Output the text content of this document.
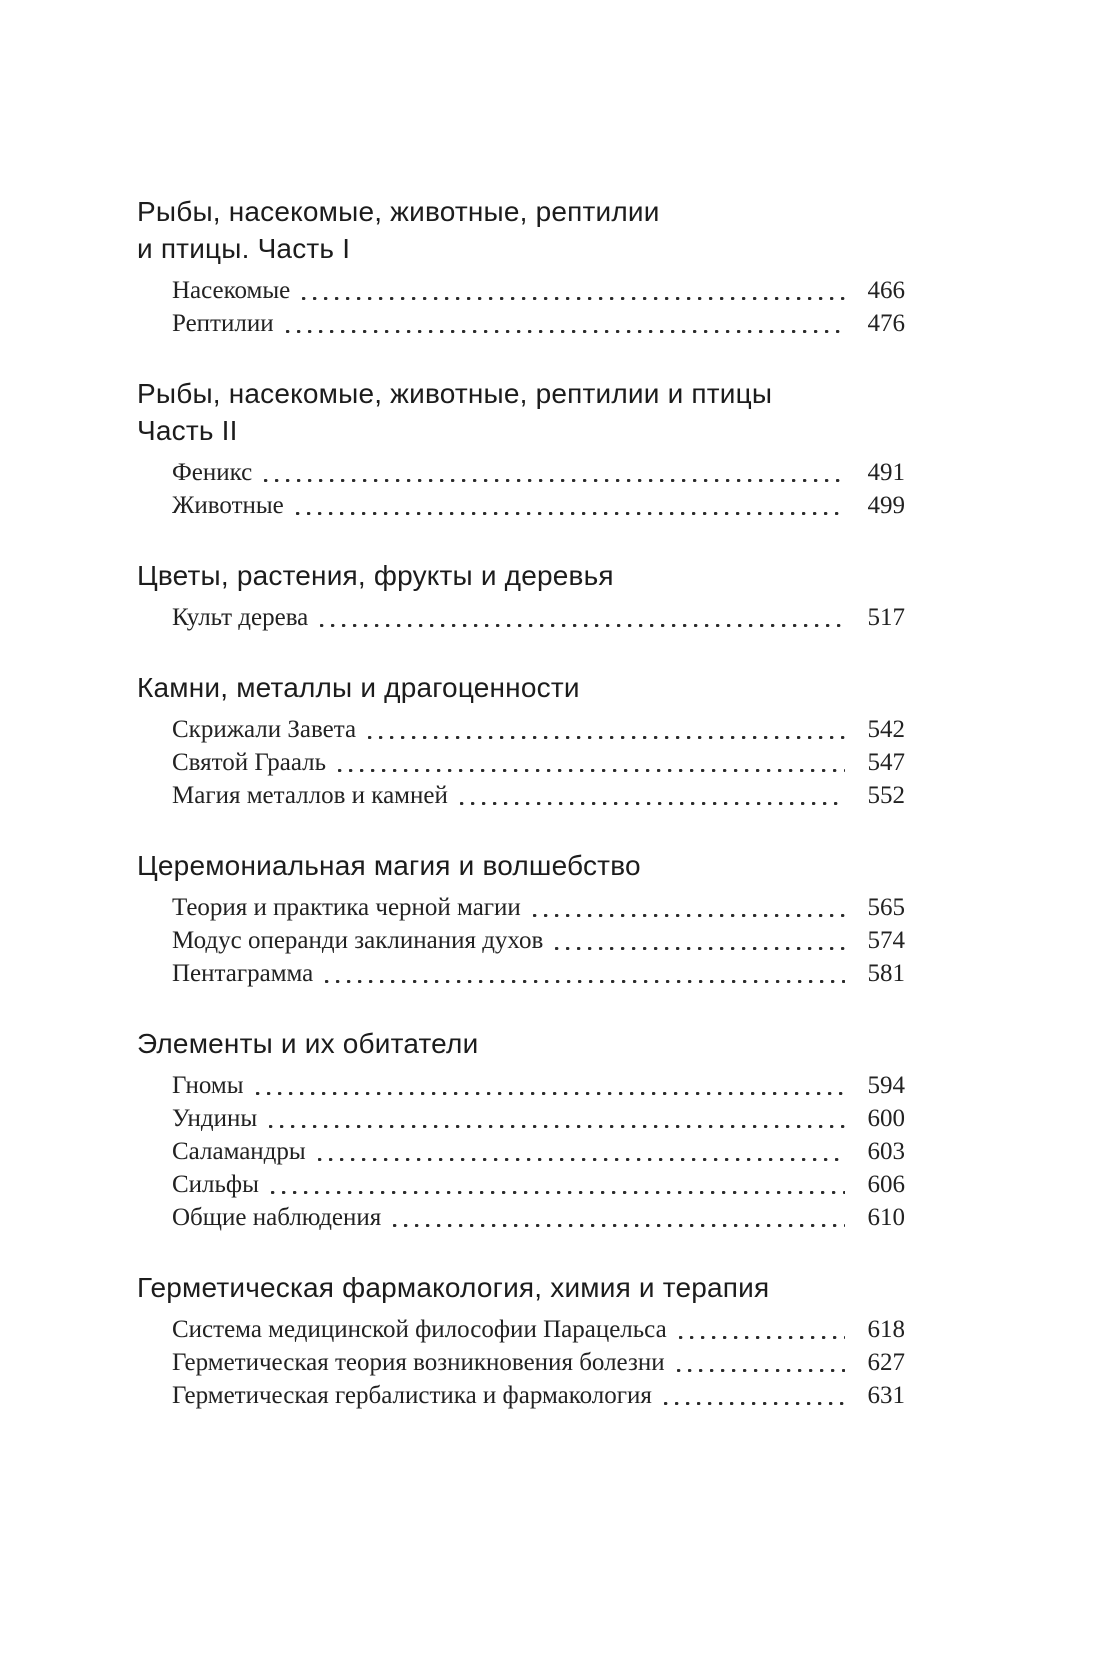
Рыбы, насекомые, животные, рептилии
и птицы. Часть I
Насекомые	466
Рептилии	476
Рыбы, насекомые, животные, рептилии и птицы
Часть II
Феникс	491
Животные	499
Цветы, растения, фрукты и деревья
Культ дерева	517
Камни, металлы и драгоценности
Скрижали Завета	542
Святой Грааль	547
Магия металлов и камней	552
Церемониальная магия и волшебство
Теория и практика черной магии	565
Модус операнди заклинания духов	574
Пентаграмма	581
Элементы и их обитатели
Гномы	594
Ундины	600
Саламандры	603
Сильфы	606
Общие наблюдения	610
Герметическая фармакология, химия и терапия
Система медицинской философии Парацельса	618
Герметическая теория возникновения болезни	627
Герметическая гербалистика и фармакология	631
